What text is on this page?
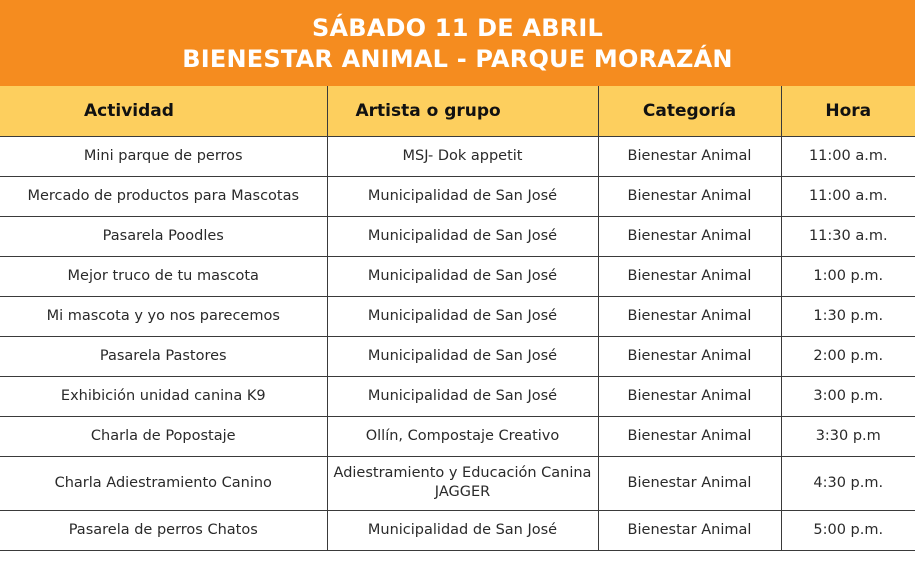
SÁBADO 11 DE ABRIL
BIENESTAR ANIMAL - PARQUE MORAZÁN
Actividad	Artista o grupo	Categoría	Hora
Mini parque de perros	MSJ- Dok appetit	Bienestar Animal	11:00 a.m.
Mercado de productos para Mascotas	Municipalidad de San José	Bienestar Animal	11:00 a.m.
Pasarela Poodles	Municipalidad de San José	Bienestar Animal	11:30 a.m.
Mejor truco de tu mascota	Municipalidad de San José	Bienestar Animal	1:00 p.m.
Mi mascota y yo nos parecemos	Municipalidad de San José	Bienestar Animal	1:30 p.m.
Pasarela Pastores	Municipalidad de San José	Bienestar Animal	2:00 p.m.
Exhibición unidad canina K9	Municipalidad de San José	Bienestar Animal	3:00 p.m.
Charla de Popostaje	Ollín, Compostaje Creativo	Bienestar Animal	3:30 p.m
Charla Adiestramiento Canino	Adiestramiento y Educación Canina JAGGER	Bienestar Animal	4:30 p.m.
Pasarela de perros Chatos	Municipalidad de San José	Bienestar Animal	5:00 p.m.
